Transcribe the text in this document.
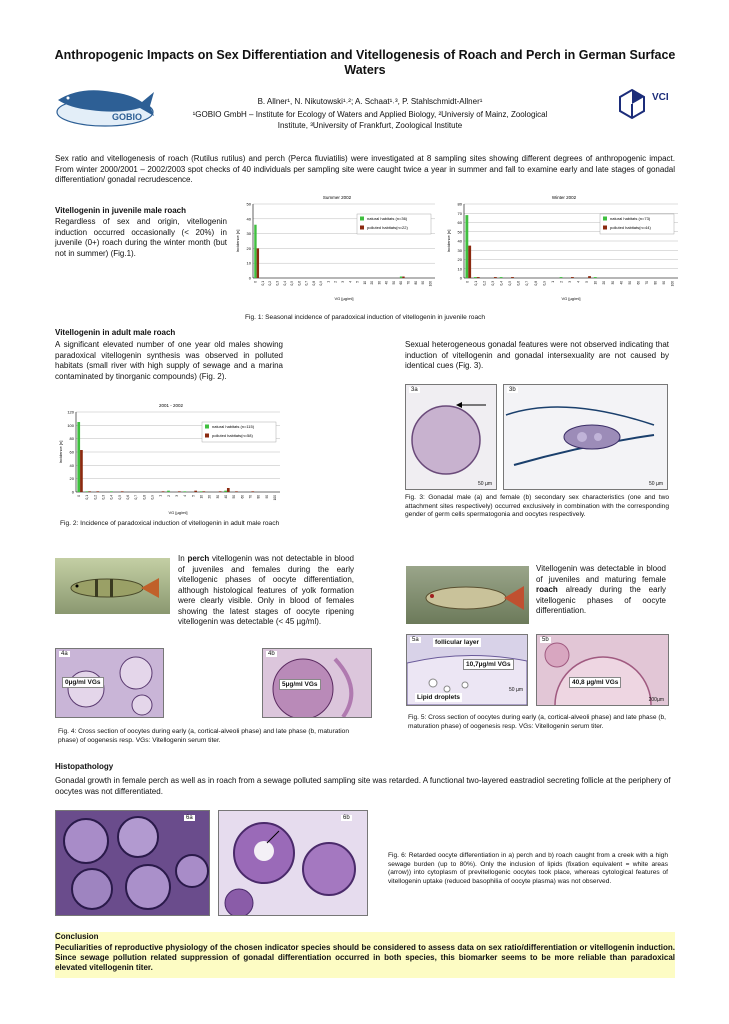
Anthropogenic Impacts on Sex Differentiation and Vitellogenesis of Roach and Perch in German Surface Waters
GOBIO
B. Allner¹, N. Nikutowski¹˒²; A. Schaat¹˒³, P. Stahlschmidt-Allner¹
¹GOBIO GmbH – Institute for Ecology of Waters and Applied Biology, ²Universiy of Mainz, Zoological Institute, ³University of Frankfurt, Zoological Institute
VCI
Sex ratio and vitellogenesis of roach (Rutilus rutilus) and perch (Perca fluviatilis) were investigated at 8 sampling sites showing different degrees of anthropogenic impact. From winter 2000/2001 – 2002/2003 spot checks of 40 individuals per sampling site were caught twice a year in summer and fall to examine early and late stages of gonadal differentiation/ gonadal recrudescence.
Vitellogenin in juvenile male roach
Regardless of sex and origin, vitellogenin induction occurred occasionally (< 20%) in juvenile (0+) roach during the winter month (but not in summer) (Fig.1).
Summer 2002
0
10
20
30
40
50
0 0,1 0,2 0,3 0,4 0,5 0,6 0,7 0,8 0,9 1 2 3 4 5 10 20 30 40 50 60 70 80 90 100
VG [µg/ml]
Incidence [n]
natural habitats (n=36)
polluted habitats(n=22)
Winter 2002
0
10
20
30
40
50
60
70
80
0 0,1 0,2 0,3 0,4 0,5 0,6 0,7 0,8 0,9 1 2 3 4 5 10 20 30 40 50 60 70 80 90 100
VG [µg/ml]
Incidence [n]
natural habitats (n=73)
polluted habitats(n=44)
Fig. 1: Seasonal incidence of paradoxical induction of vitellogenin in juvenile roach
Vitellogenin in adult male roach
A significant elevated number of one year old males showing paradoxical vitellogenin synthesis was observed in polluted habitats (small river with high supply of sewage and a marina contaminated by tinorganic compounds) (Fig. 2).
2001 - 2002
0
20
40
60
80
100
120
0 0,1 0,2 0,3 0,4 0,5 0,6 0,7 0,8 0,9 1 2 3 4 5 10 20 30 40 50 60 70 80 90 100
VG [µg/ml]
Incidence [n]
natural habitats (n=115)
polluted habitats(n=58)
Fig. 2: Incidence of paradoxical induction of vitellogenin in adult male roach
Sexual heterogeneous gonadal features were not observed indicating that induction of vitellogenin and gonadal intersexuality are not caused by identical cues (Fig. 3).
3a
50 µm
3b
50 µm
Fig. 3: Gonadal male (a) and female (b) secondary sex characteristics (one and two attachment sites respectively) occurred exclusively in combination with the corresponding gender of germ cells spermatogonia and oocytes respectively.
In perch vitellogenin was not detectable in blood of juveniles and females during the early vitellogenic phases of oocyte differentiation, although histological features of yolk formation were clearly visible. Only in blood of females showing the latest stages of oocyte ripening vitellogenin was detectable (< 45 µg/ml).
4a
0µg/ml VGs
4b
5µg/ml VGs
Fig. 4: Cross section of oocytes during early (a, cortical-alveoli phase) and late phase (b, maturation phase) of oogenesis resp. VGs: Vitellogenin serum titer.
Vitellogenin was detectable in blood of juveniles and maturing female roach already during the early vitellogenic phases of oocyte differentiation.
5a	follicular layer
10,7µg/ml VGs
Lipid droplets
50 µm
5b
40,8 µg/ml VGs
200µm
Fig. 5: Cross section of oocytes during early (a, cortical-alveoli phase) and late phase (b, maturation phase) of oogenesis resp. VGs: Vitellogenin serum titer.
Histopathology
Gonadal growth in female perch as well as in roach from a sewage polluted sampling site was retarded. A functional two-layered eastradiol secreting follicle at the periphery of oocytes was not differentiated.
6a	6b
Fig. 6: Retarded oocyte differentiation in a) perch and b) roach caught from a creek with a high sewage burden (up to 80%). Only the inclusion of lipids (fixation equivalent = white areas (arrow)) into cytoplasm of previtellogenic oocytes took place, whereas cytological features of vitellogenin uptake (reduced basophilia of oocyte plasma) was not observed.
Conclusion
Peculiarities of reproductive physiology of the chosen indicator species should be considered to assess data on sex ratio/differentiation or vitellogenin induction. Since sewage pollution related suppression of gonadal differentiation occurred in both species, this biomarker seems to be more reliable than paradoxical elevated vitellogenin titer.
